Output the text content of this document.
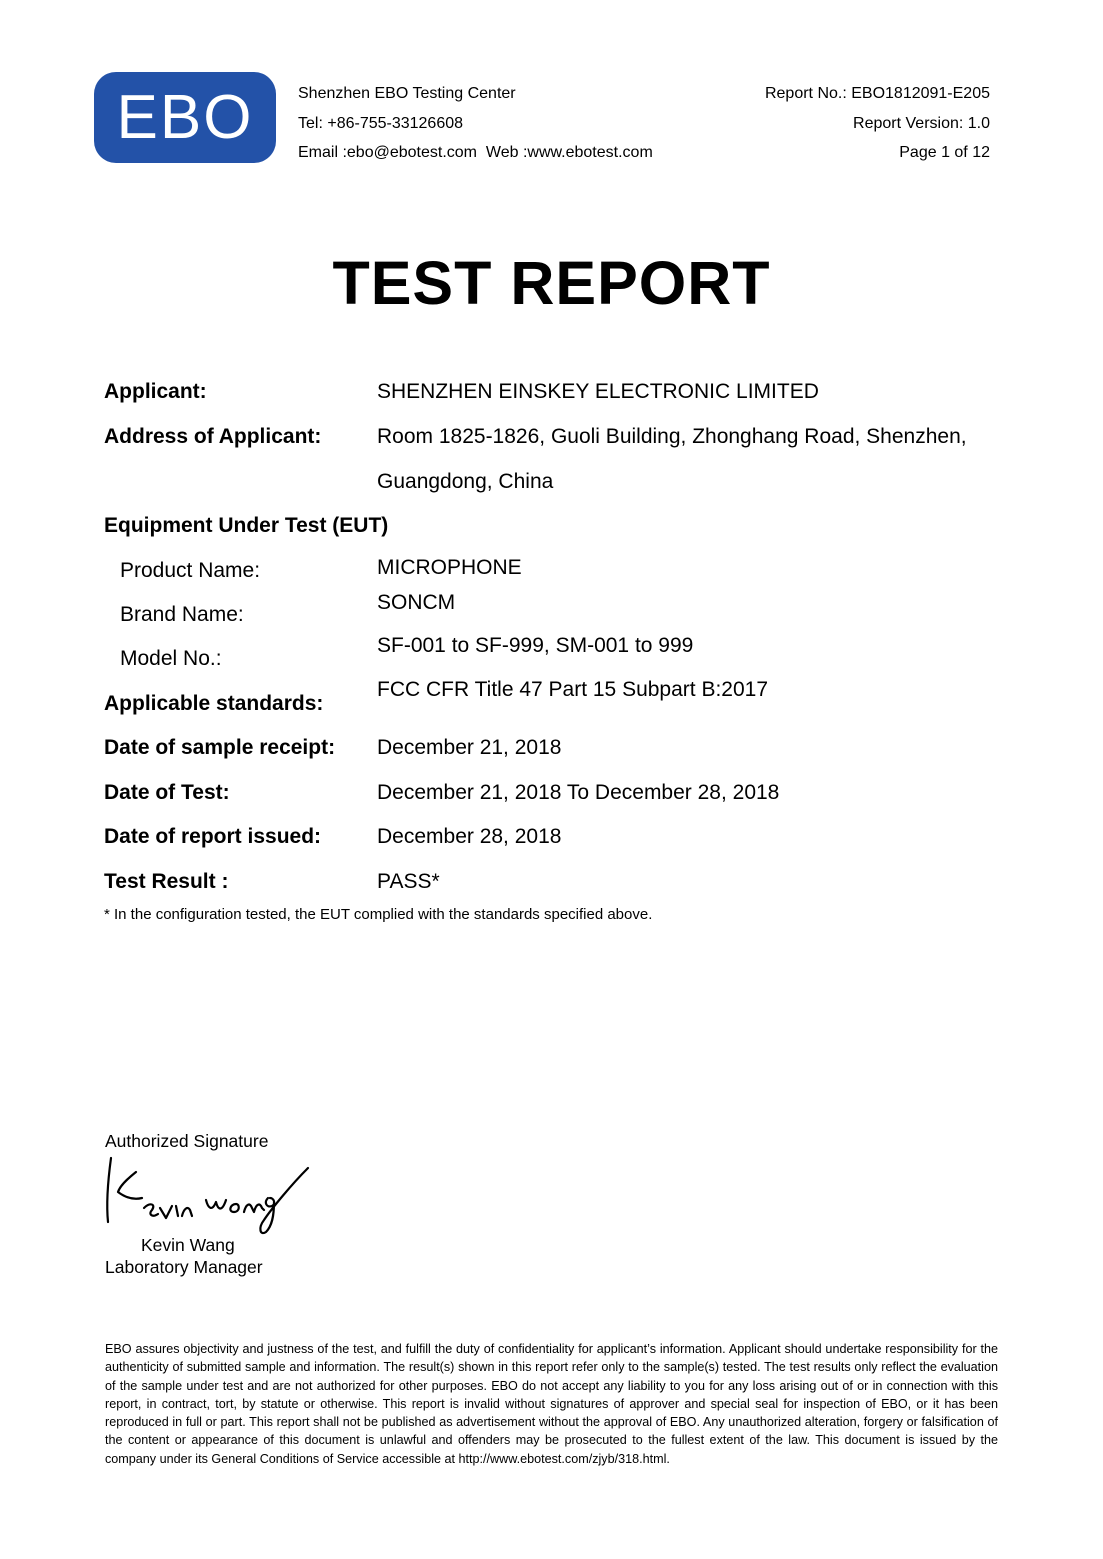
EBO	Shenzhen EBO Testing Center
Tel: +86-755-33126608
Email :ebo@ebotest.com  Web :www.ebotest.com
Report No.: EBO1812091-E205
Report Version: 1.0
Page 1 of 12
TEST REPORT
Applicant:	SHENZHEN EINSKEY ELECTRONIC LIMITED
Address of Applicant:	Room 1825-1826, Guoli Building, Zhonghang Road, Shenzhen,
Guangdong, China
Equipment Under Test (EUT)
Product Name:	MICROPHONE
Brand Name:
SONCM
Model No.:
SF-001 to SF-999, SM-001 to 999
Applicable standards:
FCC CFR Title 47 Part 15 Subpart B:2017
Date of sample receipt: December 21, 2018
Date of Test:	December 21, 2018 To December 28, 2018
Date of report issued:	December 28, 2018
Test Result :	PASS*
* In the configuration tested, the EUT complied with the standards specified above.
Authorized Signature
Kevin Wang
Laboratory Manager
EBO assures objectivity and justness of the test, and fulfill the duty of confidentiality for applicant’s information. Applicant should undertake responsibility for the authenticity of submitted sample and information. The result(s) shown in this report refer only to the sample(s) tested. The test results only reflect the evaluation of the sample under test and are not authorized for other purposes. EBO do not accept any liability to you for any loss arising out of or in connection with this report, in contract, tort, by statute or otherwise. This report is invalid without signatures of approver and special seal for inspection of EBO, or it has been reproduced in full or part. This report shall not be published as advertisement without the approval of EBO. Any unauthorized alteration, forgery or falsification of the content or appearance of this document is unlawful and offenders may be prosecuted to the fullest extent of the law. This document is issued by the company under its General Conditions of Service accessible at http://www.ebotest.com/zjyb/318.html.
